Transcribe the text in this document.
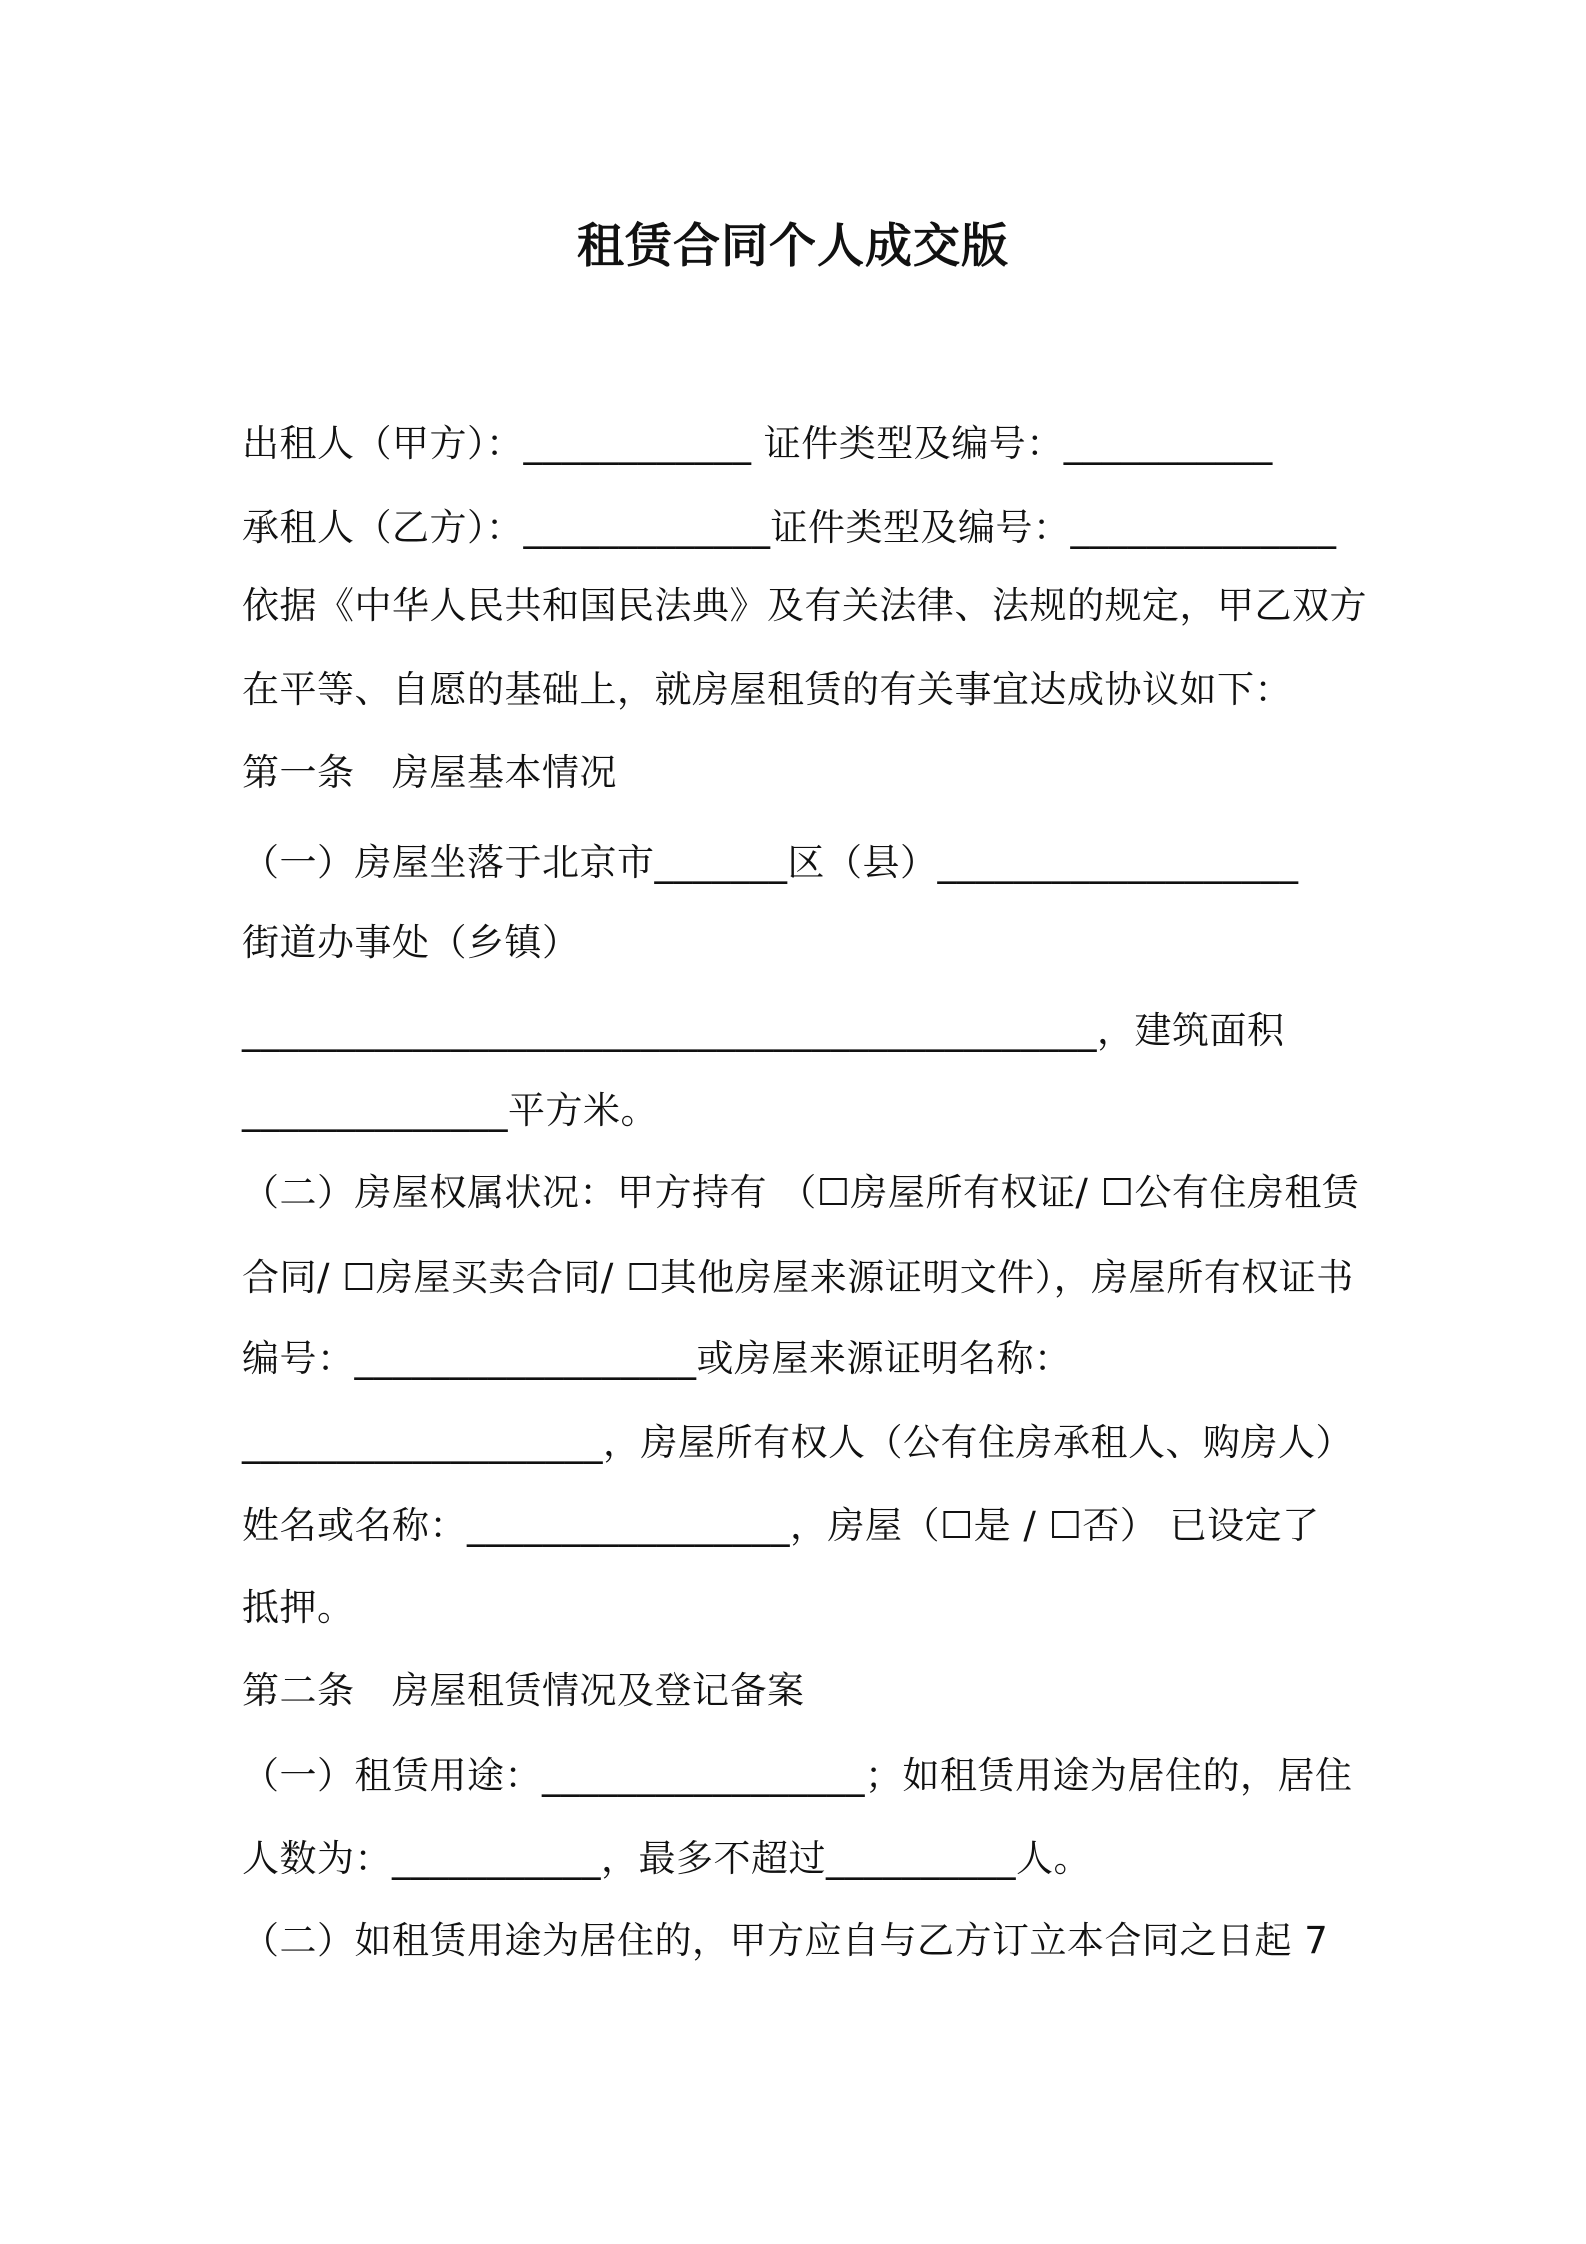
租赁合同个人成交版
出租人（甲方）：____________ 证件类型及编号：___________
承租人（乙方）：_____________证件类型及编号：______________
依据《中华人民共和国民法典》及有关法律、法规的规定，甲乙双方
在平等、自愿的基础上，就房屋租赁的有关事宜达成协议如下：
第一条　房屋基本情况
（一）房屋坐落于北京市_______区（县）___________________
街道办事处（乡镇）
_____________________________________________，建筑面积
______________平方米。
（二）房屋权属状况：甲方持有 （☐房屋所有权证/ ☐公有住房租赁
合同/ ☐房屋买卖合同/ ☐其他房屋来源证明文件），房屋所有权证书
编号：__________________或房屋来源证明名称：
___________________，房屋所有权人（公有住房承租人、购房人）
姓名或名称：_________________，房屋（☐是 / ☐否） 已设定了
抵押。
第二条　房屋租赁情况及登记备案
（一）租赁用途：_________________；如租赁用途为居住的，居住
人数为：___________，最多不超过__________人。
（二）如租赁用途为居住的，甲方应自与乙方订立本合同之日起 7
